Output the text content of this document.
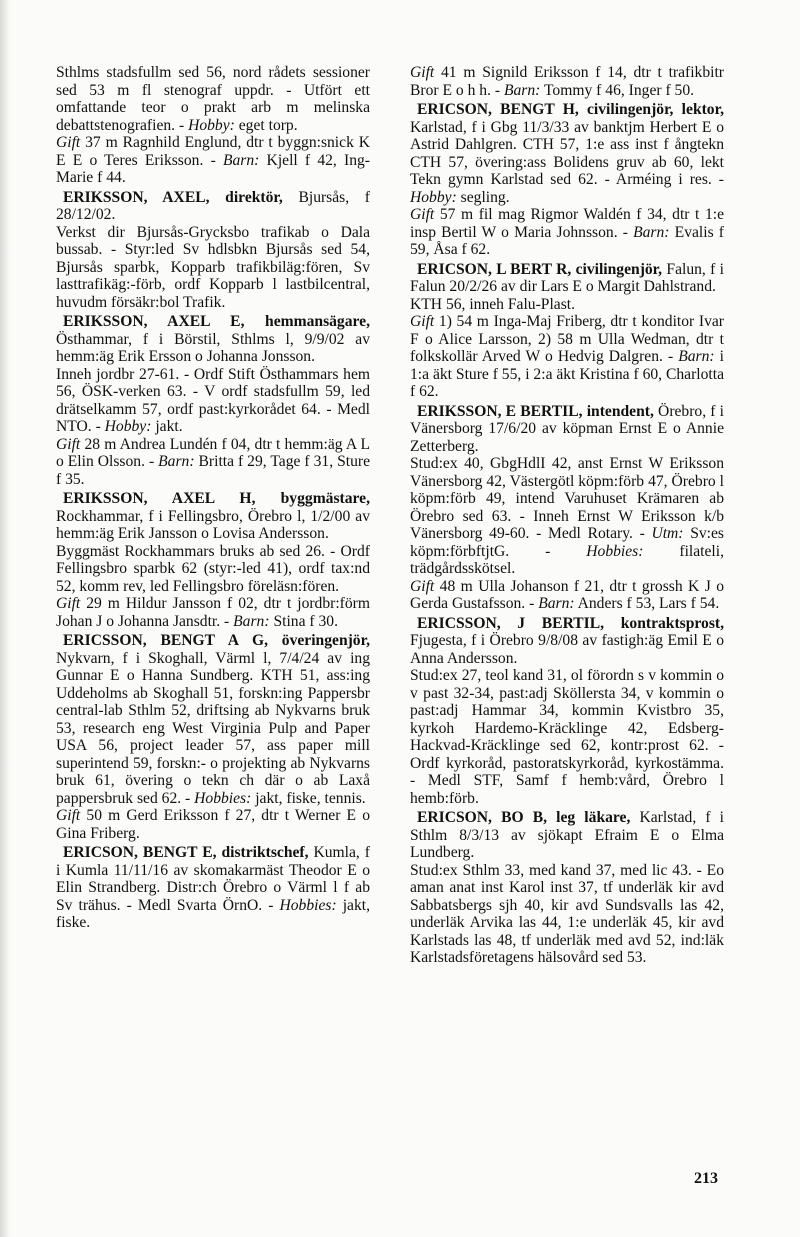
Sthlms stadsfullm sed 56, nord rådets sessioner sed 53 m fl stenograf uppdr. - Utfört ett omfattande teor o prakt arb m melinska debattstenografien. - Hobby: eget torp.

Gift 37 m Ragnhild Englund, dtr t byggn:snick K E E o Teres Eriksson. - Barn: Kjell f 42, Ing-Marie f 44.

ERIKSSON, AXEL, direktör, Bjursås, f 28/12/02.

Verkst dir Bjursås-Grycksbo trafikab o Dala bussab. - Styr:led Sv hdlsbkn Bjursås sed 54, Bjursås sparbk, Kopparb trafikbiläg:fören, Sv lasttrafikäg:-förb, ordf Kopparb l lastbilcentral, huvudm försäkr:bol Trafik.

ERIKSSON, AXEL E, hemmansägare, Östhammar, f i Börstil, Sthlms l, 9/9/02 av hemm:äg Erik Ersson o Johanna Jonsson.

Inneh jordbr 27-61. - Ordf Stift Östhammars hem 56, ÖSK-verken 63. - V ordf stadsfullm 59, led drätselkamm 57, ordf past:kyrkorådet 64. - Medl NTO. - Hobby: jakt.

Gift 28 m Andrea Lundén f 04, dtr t hemm:äg A L o Elin Olsson. - Barn: Britta f 29, Tage f 31, Sture f 35.

ERIKSSON, AXEL H, byggmästare, Rockhammar, f i Fellingsbro, Örebro l, 1/2/00 av hemm:äg Erik Jansson o Lovisa Andersson.

Byggmäst Rockhammars bruks ab sed 26. - Ordf Fellingsbro sparbk 62 (styr:-led 41), ordf tax:nd 52, komm rev, led Fellingsbro föreläsn:fören.

Gift 29 m Hildur Jansson f 02, dtr t jordbr:förm Johan J o Johanna Jansdtr. - Barn: Stina f 30.

ERICSSON, BENGT A G, överingenjör, Nykvarn, f i Skoghall, Värml l, 7/4/24 av ing Gunnar E o Hanna Sundberg. KTH 51, ass:ing Uddeholms ab Skoghall 51, forskn:ing Pappersbr central-lab Sthlm 52, driftsing ab Nykvarns bruk 53, research eng West Virginia Pulp and Paper USA 56, project leader 57, ass paper mill superintend 59, forskn:- o projekting ab Nykvarns bruk 61, övering o tekn ch där o ab Laxå pappersbruk sed 62. - Hobbies: jakt, fiske, tennis.

Gift 50 m Gerd Eriksson f 27, dtr t Werner E o Gina Friberg.

ERICSON, BENGT E, distriktschef, Kumla, f i Kumla 11/11/16 av skomakarmäst Theodor E o Elin Strandberg. Distr:ch Örebro o Värml l f ab Sv trähus. - Medl Svarta ÖrnO. - Hobbies: jakt, fiske.

Gift 41 m Signild Eriksson f 14, dtr t trafikbitr Bror E o h h. - Barn: Tommy f 46, Inger f 50.

ERICSON, BENGT H, civilingenjör, lektor, Karlstad, f i Gbg 11/3/33 av banktjm Herbert E o Astrid Dahlgren. CTH 57, 1:e ass inst f ångtekn CTH 57, övering:ass Bolidens gruv ab 60, lekt Tekn gymn Karlstad sed 62. - Arméing i res. - Hobby: segling.

Gift 57 m fil mag Rigmor Waldén f 34, dtr t 1:e insp Bertil W o Maria Johnsson. - Barn: Evalis f 59, Åsa f 62.

ERICSON, L BERT R, civilingenjör, Falun, f i Falun 20/2/26 av dir Lars E o Margit Dahlstrand.

KTH 56, inneh Falu-Plast.

Gift 1) 54 m Inga-Maj Friberg, dtr t konditor Ivar F o Alice Larsson, 2) 58 m Ulla Wedman, dtr t folkskollär Arved W o Hedvig Dalgren. - Barn: i 1:a äkt Sture f 55, i 2:a äkt Kristina f 60, Charlotta f 62.

ERIKSSON, E BERTIL, intendent, Örebro, f i Vänersborg 17/6/20 av köpman Ernst E o Annie Zetterberg.

Stud:ex 40, GbgHdlI 42, anst Ernst W Eriksson Vänersborg 42, Västergötl köpm:förb 47, Örebro l köpm:förb 49, intend Varuhuset Krämaren ab Örebro sed 63. - Inneh Ernst W Eriksson k/b Vänersborg 49-60. - Medl Rotary. - Utm: Sv:es köpm:förbftjtG. - Hobbies: filateli, trädgårdsskötsel.

Gift 48 m Ulla Johanson f 21, dtr t grossh K J o Gerda Gustafsson. - Barn: Anders f 53, Lars f 54.

ERICSSON, J BERTIL, kontraktsprost, Fjugesta, f i Örebro 9/8/08 av fastigh:äg Emil E o Anna Andersson.

Stud:ex 27, teol kand 31, ol förordn s v kommin o v past 32-34, past:adj Sköllersta 34, v kommin o past:adj Hammar 34, kommin Kvistbro 35, kyrkoh Hardemo-Kräcklinge 42, Edsberg-Hackvad-Kräcklinge sed 62, kontr:prost 62. - Ordf kyrkoråd, pastoratskyrkoråd, kyrkostämma. - Medl STF, Samf f hemb:vård, Örebro l hemb:förb.

ERICSON, BO B, leg läkare, Karlstad, f i Sthlm 8/3/13 av sjökapt Efraim E o Elma Lundberg.

Stud:ex Sthlm 33, med kand 37, med lic 43. - Eo aman anat inst Karol inst 37, tf underläk kir avd Sabbatsbergs sjh 40, kir avd Sundsvalls las 42, underläk Arvika las 44, 1:e underläk 45, kir avd Karlstads las 48, tf underläk med avd 52, ind:läk Karlstadsföretagens hälsovård sed 53.

213
